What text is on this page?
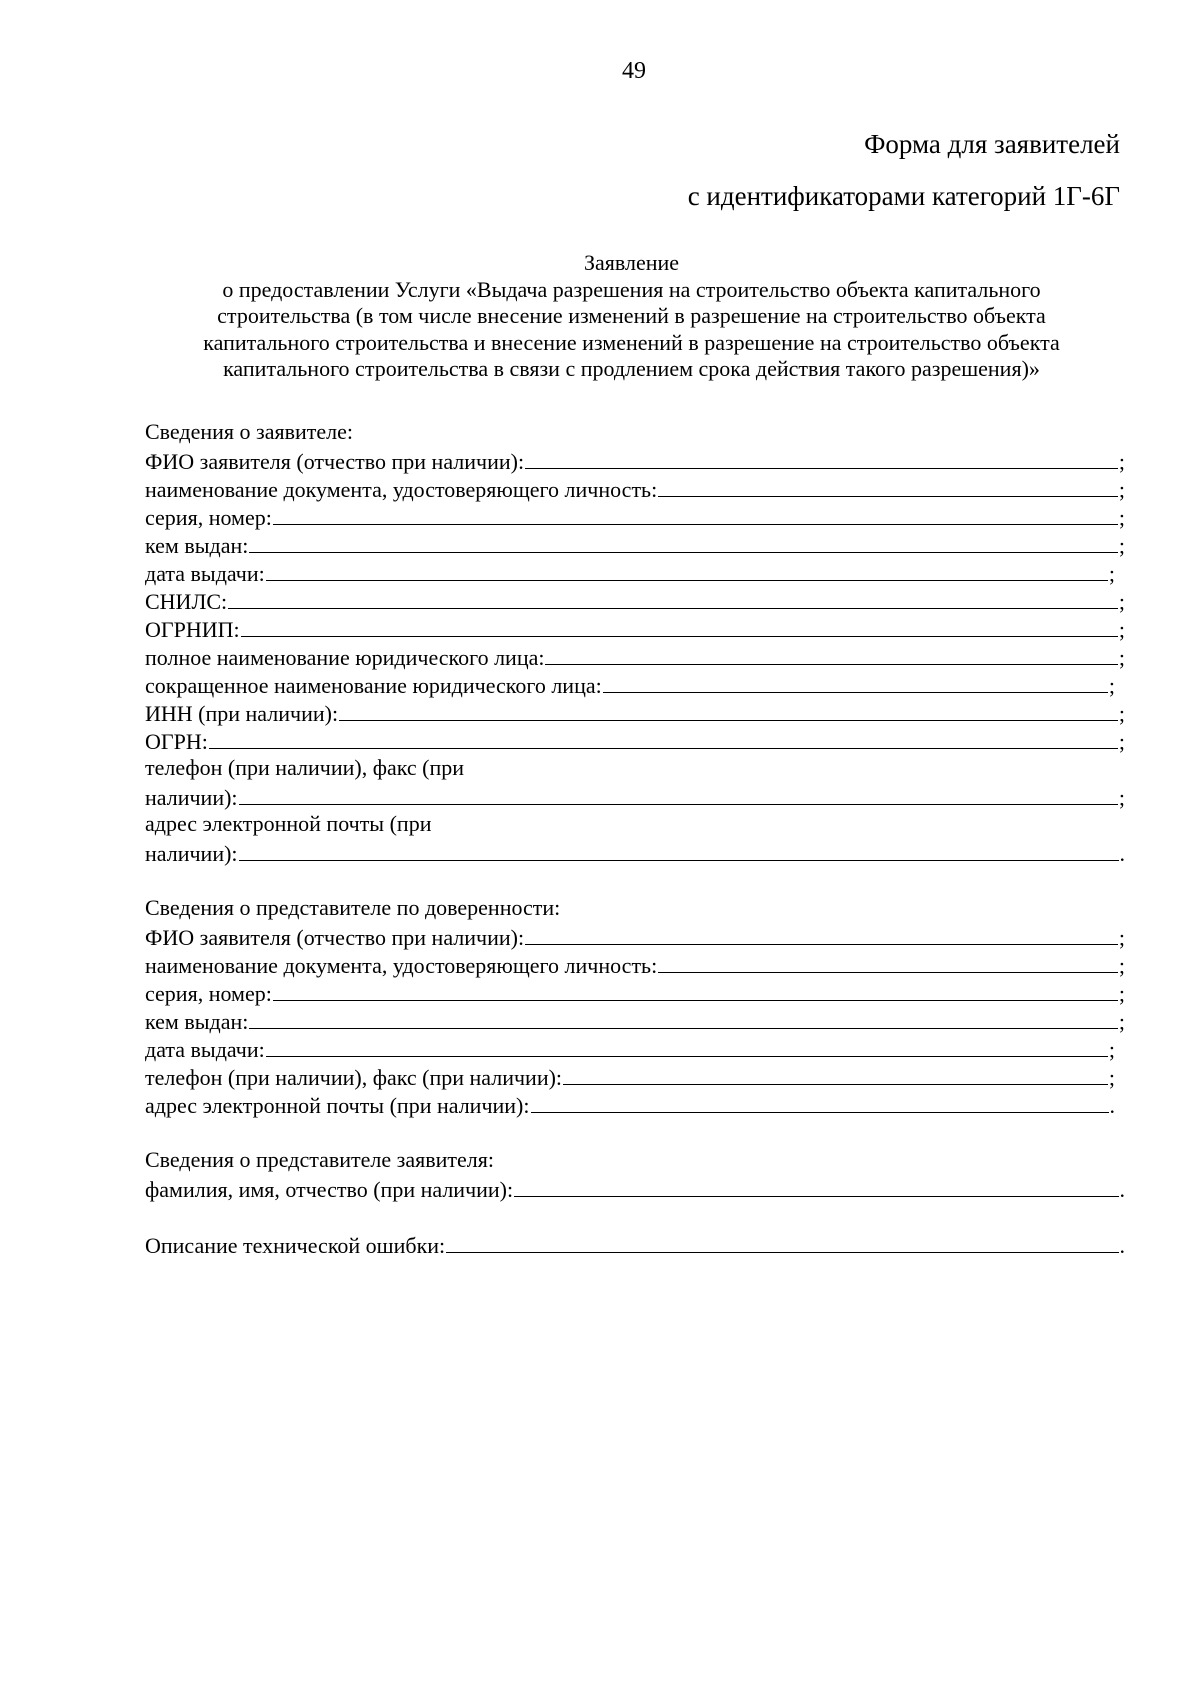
49
Форма для заявителей
с идентификаторами категорий 1Г-6Г
Заявление
о предоставлении Услуги «Выдача разрешения на строительство объекта капитального
строительства (в том числе внесение изменений в разрешение на строительство объекта
капитального строительства и внесение изменений в разрешение на строительство объекта
капитального строительства в связи с продлением срока действия такого разрешения)»
Сведения о заявителе:
ФИО заявителя (отчество при наличии):	;
наименование документа, удостоверяющего личность:	;
серия, номер:	;
кем выдан:	;
дата выдачи:	;
СНИЛС:	;
ОГРНИП:	;
полное наименование юридического лица:	;
сокращенное наименование юридического лица:	;
ИНН (при наличии):	;
ОГРН:	;
телефон (при наличии), факс (при
наличии):	;
адрес электронной почты (при
наличии):	.
Сведения о представителе по доверенности:
ФИО заявителя (отчество при наличии):	;
наименование документа, удостоверяющего личность:	;
серия, номер:	;
кем выдан:	;
дата выдачи:	;
телефон (при наличии), факс (при наличии):	;
адрес электронной почты (при наличии):	.
Сведения о представителе заявителя:
фамилия, имя, отчество (при наличии):	.
Описание технической ошибки:	.
